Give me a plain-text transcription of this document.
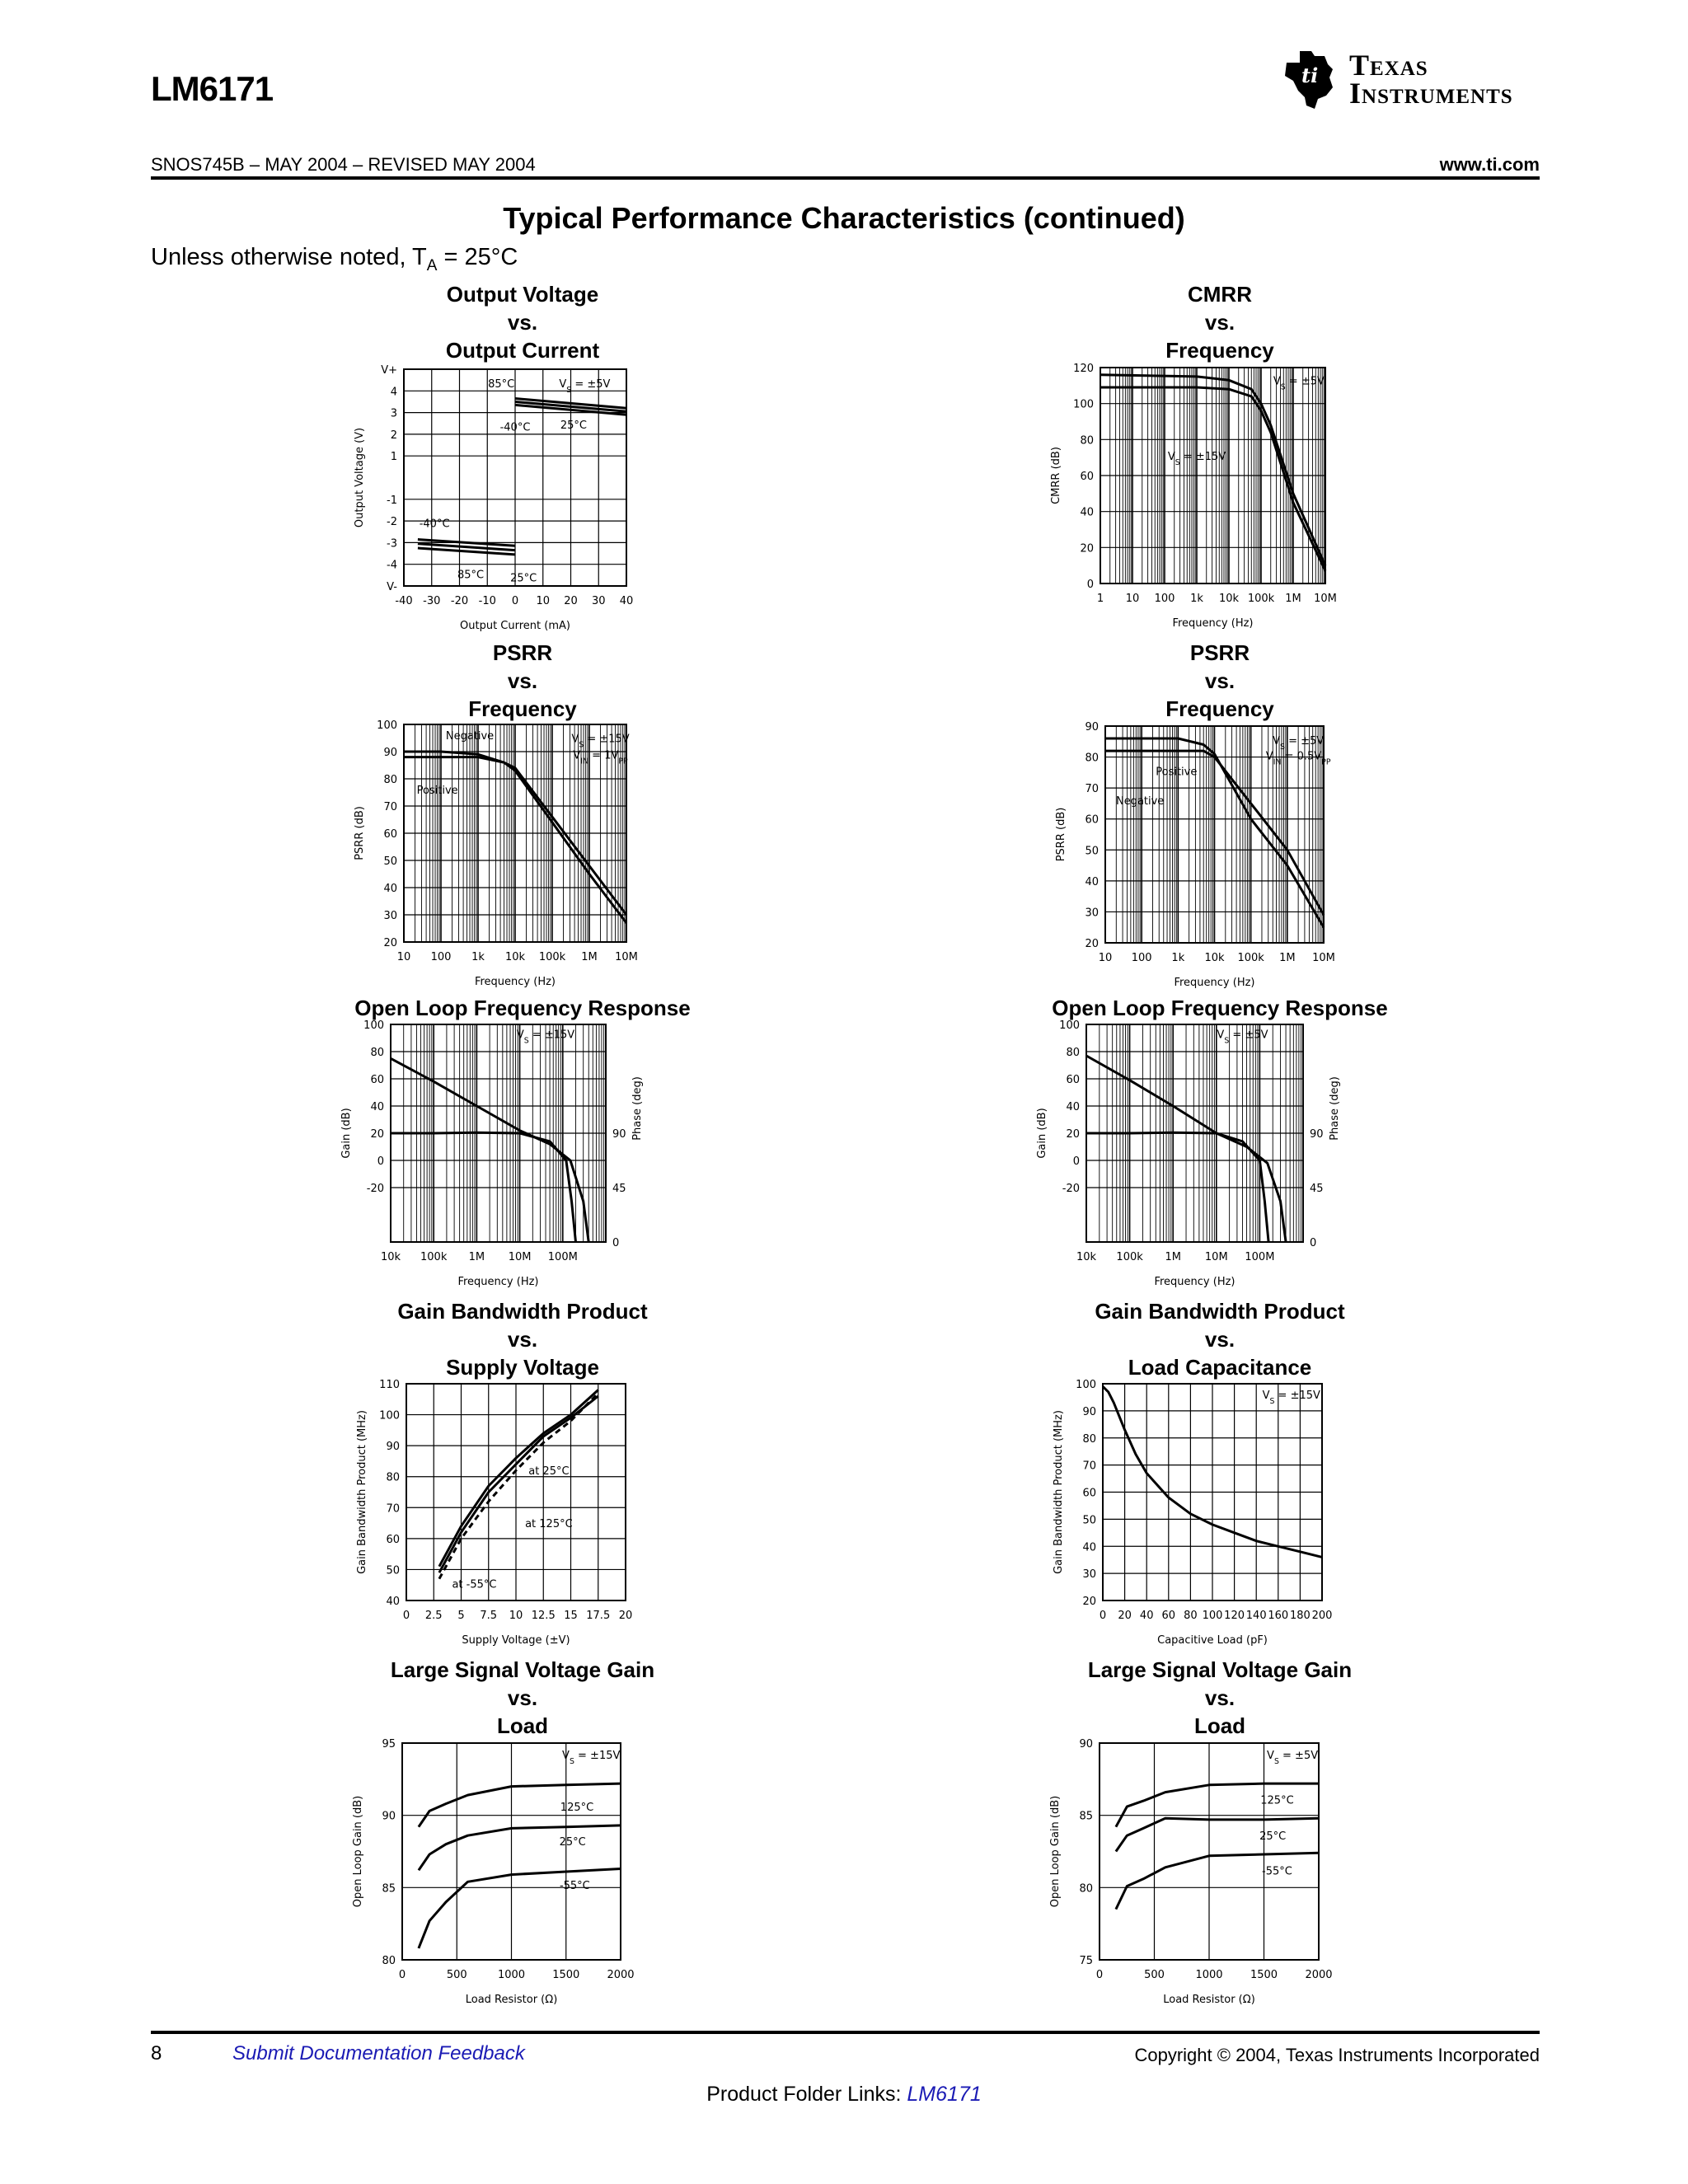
LM6171	ti Texas
Instruments
SNOS745B – MAY 2004 – REVISED MAY 2004	www.ti.com
Typical Performance Characteristics (continued)
Unless otherwise noted, $T_A = 25^\circ C$
Output Voltage
vs.
Output Current
V+
4
3
2
1
-1
-2
-3
-4
V-
-40 -30 -20 -10 0 10 20 30 40
Output Current (mA)
Output Voltage (V)
$V_S = \pm 5V$
85°C
-40°C	25°C
-40°C
85°C 25°C
CMRR
vs.
Frequency
0
20
40
60
80
100
120
1 10 100 1k 10k 100k 1M 10M
Frequency (Hz)
CMRR (dB)
$V_S = \pm 5V$
$V_S = \pm 15V$
PSRR
vs.
Frequency
20
30
40
50
60
70
80
90
100
10 100 1k 10k 100k 1M 10M
Frequency (Hz)
PSRR (dB)
$V_S = \pm 15V$
$V_{IN} = 1V_{PP}$
Negative
Positive
PSRR
vs.
Frequency
20
30
40
50
60
70
80
90
10 100 1k 10k 100k 1M 10M
Frequency (Hz)
PSRR (dB)
$V_S = \pm 5V$
$V_{IN} = 0.5V_{PP}$
Positive
Negative
Open Loop Frequency Response
100
80
60
40
20
0
-20
10k 100k 1M 10M 100M
90
45
0
Frequency (Hz)
Gain (dB)	Phase (deg)
$V_S = \pm 15V$
Open Loop Frequency Response
100
80
60
40
20
0
-20
10k 100k 1M 10M 100M
90
45
0
Frequency (Hz)
Gain (dB)	Phase (deg)
$V_S = \pm 5V$
Gain Bandwidth Product
vs.
Supply Voltage
40
50
60
70
80
90
100
110
0 2.5 5 7.5 10 12.5 15 17.5 20
Supply Voltage (±V)
Gain Bandwidth Product (MHz)	at 25°C
at 125°C
at -55°C
Gain Bandwidth Product
vs.
Load Capacitance
20
30
40
50
60
70
80
90
100
0 20 40 60 80 100 120 140 160 180 200
Capacitive Load (pF)
Gain Bandwidth Product (MHz)
$V_S = \pm 15V$
Large Signal Voltage Gain
vs.
Load
80
85
90
95
0	500	1000	1500	2000
Load Resistor (Ω)
Open Loop Gain (dB)
$V_S = \pm 15V$
125°C
25°C
-55°C
Large Signal Voltage Gain
vs.
Load
75
80
85
90
0	500	1000	1500	2000
Load Resistor (Ω)
Open Loop Gain (dB)
$V_S = \pm 5V$
125°C
25°C
-55°C
8	Submit Documentation Feedback	Copyright © 2004, Texas Instruments Incorporated
Product Folder Links: LM6171
